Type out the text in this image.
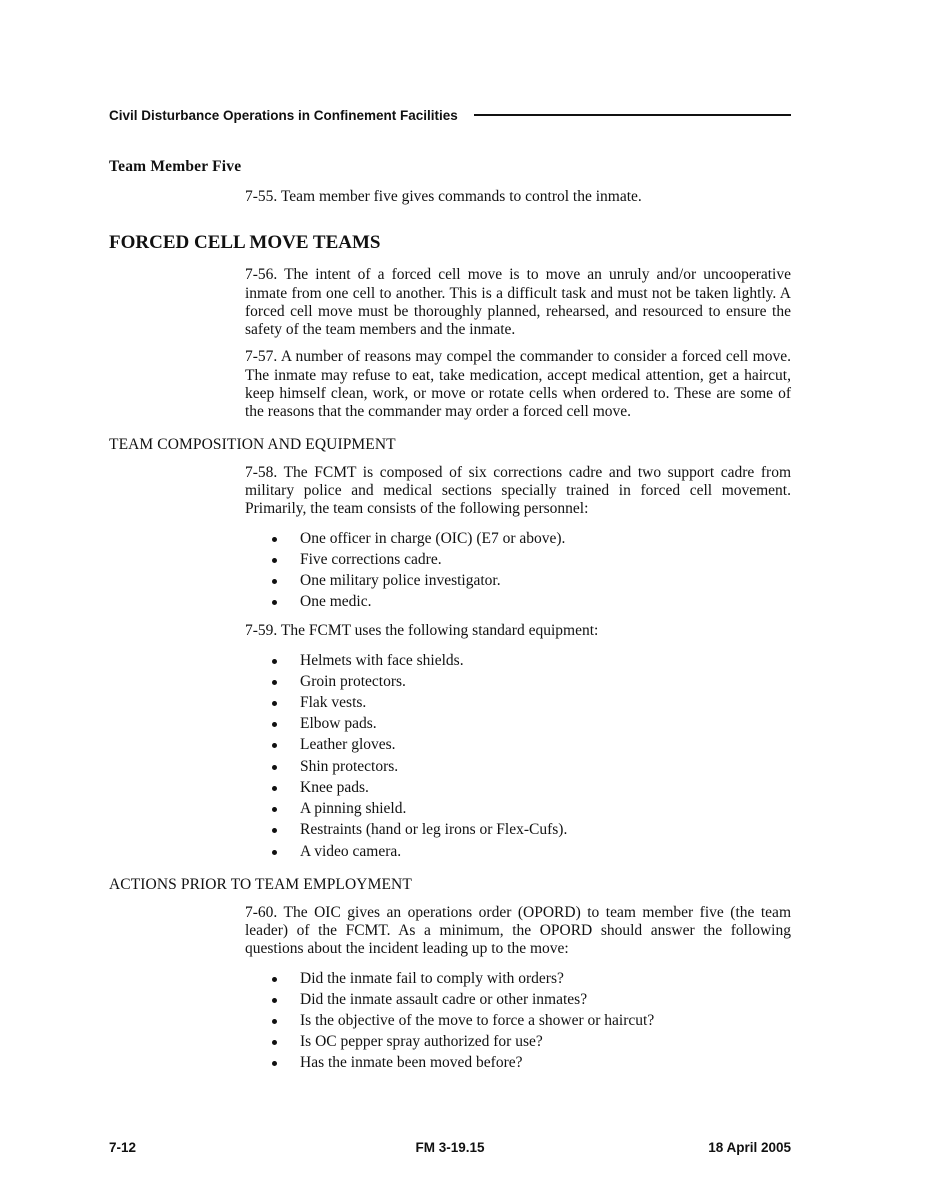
Civil Disturbance Operations in Confinement Facilities
Team Member Five

7-55. Team member five gives commands to control the inmate.

FORCED CELL MOVE TEAMS

7-56. The intent of a forced cell move is to move an unruly and/or uncooperative inmate from one cell to another. This is a difficult task and must not be taken lightly. A forced cell move must be thoroughly planned, rehearsed, and resourced to ensure the safety of the team members and the inmate.

7-57. A number of reasons may compel the commander to consider a forced cell move. The inmate may refuse to eat, take medication, accept medical attention, get a haircut, keep himself clean, work, or move or rotate cells when ordered to. These are some of the reasons that the commander may order a forced cell move.

TEAM COMPOSITION AND EQUIPMENT

7-58. The FCMT is composed of six corrections cadre and two support cadre from military police and medical sections specially trained in forced cell movement. Primarily, the team consists of the following personnel:

One officer in charge (OIC) (E7 or above).
Five corrections cadre.
One military police investigator.
One medic.

7-59. The FCMT uses the following standard equipment:

Helmets with face shields.
Groin protectors.
Flak vests.
Elbow pads.
Leather gloves.
Shin protectors.
Knee pads.
A pinning shield.
Restraints (hand or leg irons or Flex-Cufs).
A video camera.
ACTIONS PRIOR TO TEAM EMPLOYMENT

7-60. The OIC gives an operations order (OPORD) to team member five (the team leader) of the FCMT. As a minimum, the OPORD should answer the following questions about the incident leading up to the move:

Did the inmate fail to comply with orders?
Did the inmate assault cadre or other inmates?
Is the objective of the move to force a shower or haircut?
Is OC pepper spray authorized for use?
Has the inmate been moved before?
7-12	FM 3-19.15	18 April 2005
